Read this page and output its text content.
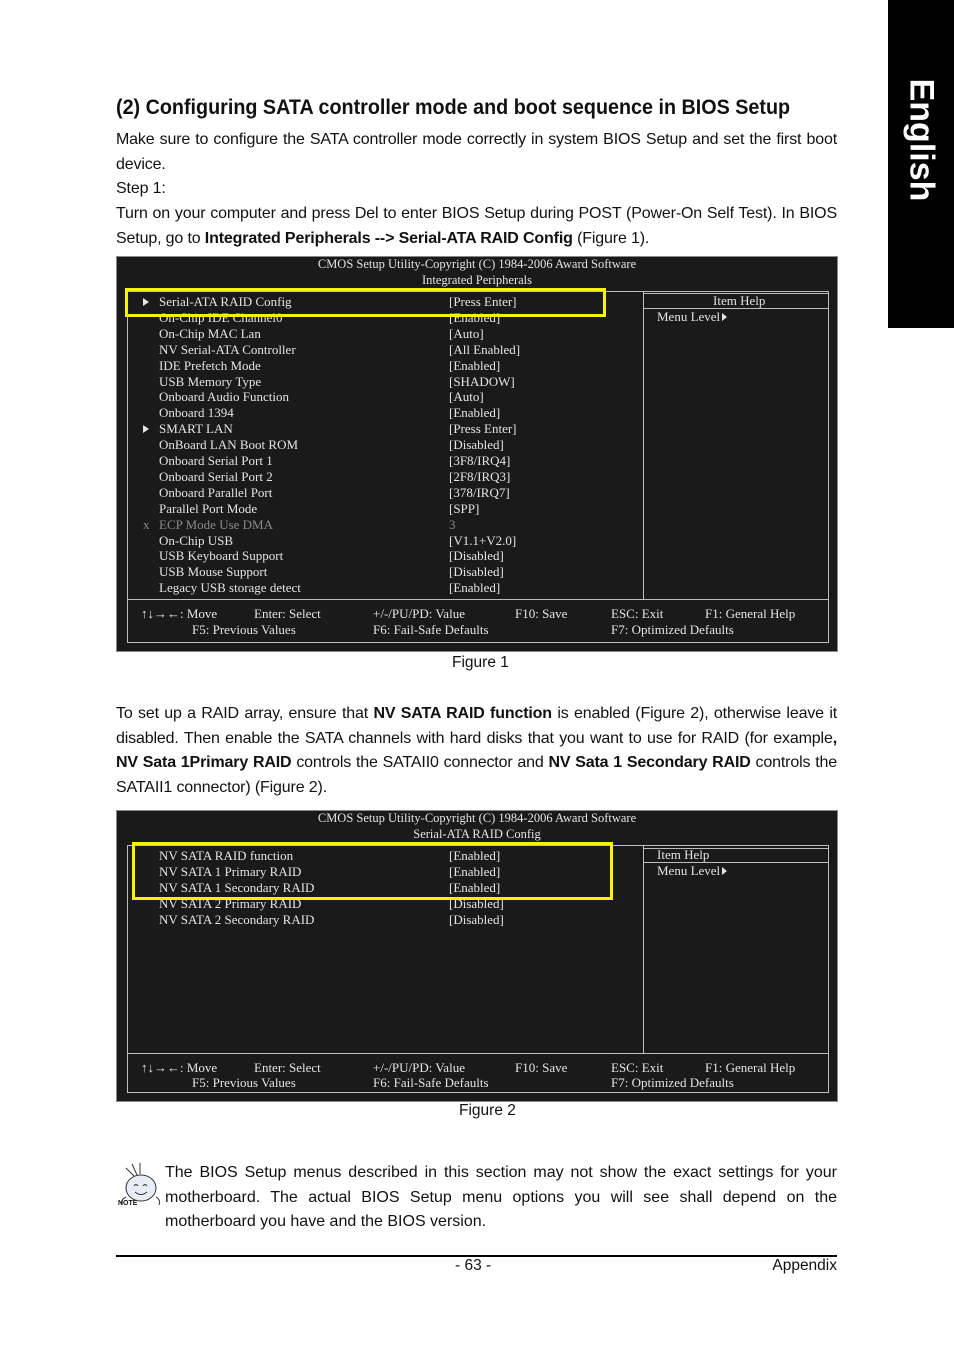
English
(2) Configuring SATA controller mode and boot sequence in BIOS Setup
Make sure to configure the SATA controller mode correctly in system BIOS Setup and set the first boot device.
Step 1:
Turn on your computer and press Del to enter BIOS Setup during POST (Power-On Self Test). In BIOS Setup, go to Integrated Peripherals --> Serial-ATA RAID Config (Figure 1).
CMOS Setup Utility-Copyright (C) 1984-2006 Award Software
Integrated Peripherals
Item Help
Menu Level
Serial-ATA RAID Config	[Press Enter]
On-Chip IDE Channel0	[Enabled]
On-Chip MAC Lan	[Auto]
NV Serial-ATA Controller	[All Enabled]
IDE Prefetch Mode	[Enabled]
USB Memory Type	[SHADOW]
Onboard Audio Function	[Auto]
Onboard 1394	[Enabled]
SMART LAN	[Press Enter]
OnBoard LAN Boot ROM	[Disabled]
Onboard Serial Port 1	[3F8/IRQ4]
Onboard Serial Port 2	[2F8/IRQ3]
Onboard Parallel Port	[378/IRQ7]
Parallel Port Mode	[SPP]
x ECP Mode Use DMA	3
On-Chip USB	[V1.1+V2.0]
USB Keyboard Support	[Disabled]
USB Mouse Support	[Disabled]
Legacy USB storage detect	[Enabled]
↑↓→←: Move	Enter: Select	+/-/PU/PD: Value	F10: Save	ESC: Exit	F1: General Help
F5: Previous Values	F6: Fail-Safe Defaults	F7: Optimized Defaults
Figure 1
To set up a RAID array, ensure that NV SATA RAID function is enabled (Figure 2), otherwise leave it disabled. Then enable the SATA channels with hard disks that you want to use for RAID (for example, NV Sata 1Primary RAID controls the SATAII0 connector and NV Sata 1 Secondary RAID controls the SATAII1 connector) (Figure 2).
CMOS Setup Utility-Copyright (C) 1984-2006 Award Software
Serial-ATA RAID Config
Item Help
Menu Level
NV SATA RAID function	[Enabled]
NV SATA 1 Primary RAID	[Enabled]
NV SATA 1 Secondary RAID	[Enabled]
NV SATA 2 Primary RAID	[Disabled]
NV SATA 2 Secondary RAID	[Disabled]
↑↓→←: Move	Enter: Select	+/-/PU/PD: Value	F10: Save	ESC: Exit	F1: General Help
F5: Previous Values	F6: Fail-Safe Defaults	F7: Optimized Defaults
Figure 2
NOTE
The BIOS Setup menus described in this section may not show the exact settings for your motherboard. The actual BIOS Setup menu options you will see shall depend on the motherboard you have and the BIOS version.
- 63 -	Appendix
